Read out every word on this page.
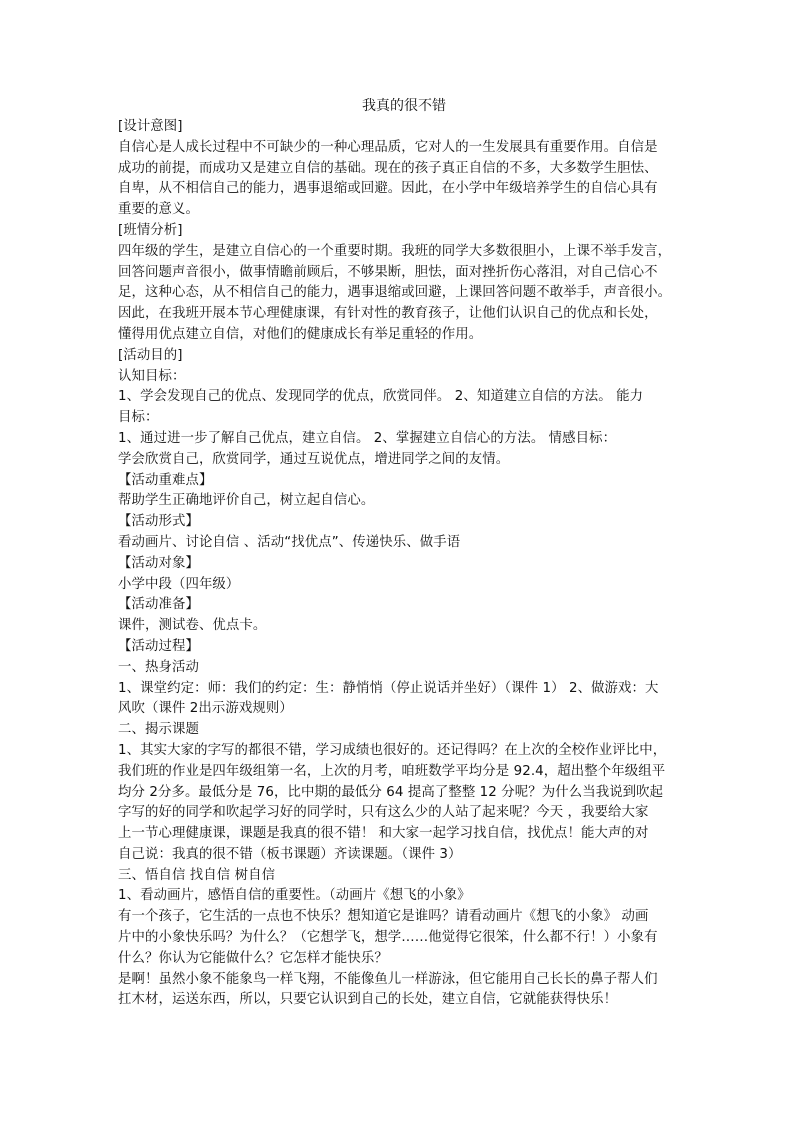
我真的很不错
[设计意图]
自信心是人成长过程中不可缺少的一种心理品质，它对人的一生发展具有重要作用。自信是
成功的前提，而成功又是建立自信的基础。现在的孩子真正自信的不多，大多数学生胆怯、
自卑，从不相信自己的能力，遇事退缩或回避。因此，在小学中年级培养学生的自信心具有
重要的意义。
[班情分析]
四年级的学生，是建立自信心的一个重要时期。我班的同学大多数很胆小，上课不举手发言，
回答问题声音很小，做事情瞻前顾后，不够果断，胆怯，面对挫折伤心落泪，对自己信心不
足，这种心态，从不相信自己的能力，遇事退缩或回避，上课回答问题不敢举手，声音很小。
因此，在我班开展本节心理健康课，有针对性的教育孩子，让他们认识自己的优点和长处，
懂得用优点建立自信，对他们的健康成长有举足重轻的作用。
[活动目的]
认知目标：
1、学会发现自己的优点、发现同学的优点，欣赏同伴。 2、知道建立自信的方法。 能力
目标：
1、通过进一步了解自己优点，建立自信。 2、掌握建立自信心的方法。 情感目标：
学会欣赏自己，欣赏同学，通过互说优点，增进同学之间的友情。
【活动重难点】
帮助学生正确地评价自己，树立起自信心。
【活动形式】
看动画片、讨论自信 、活动“找优点”、传递快乐、做手语
【活动对象】
小学中段（四年级）
【活动准备】
课件，测试卷、优点卡。
【活动过程】
一、热身活动
1、课堂约定：师：我们的约定：生：静悄悄（停止说话并坐好）（课件 1） 2、做游戏：大
风吹（课件 2出示游戏规则）
二、揭示课题
1、其实大家的字写的都很不错，学习成绩也很好的。还记得吗？在上次的全校作业评比中，
我们班的作业是四年级组第一名，上次的月考，咱班数学平均分是 92.4，超出整个年级组平
均分 2分多。最低分是 76，比中期的最低分 64 提高了整整 12 分呢？为什么当我说到吹起
字写的好的同学和吹起学习好的同学时，只有这么少的人站了起来呢？今天 ，我要给大家
上一节心理健康课，课题是我真的很不错！ 和大家一起学习找自信，找优点！能大声的对
自己说：我真的很不错（板书课题）齐读课题。（课件 3）
三、悟自信 找自信 树自信
1、看动画片，感悟自信的重要性。（动画片《想飞的小象》
有一个孩子，它生活的一点也不快乐？想知道它是谁吗？请看动画片《想飞的小象》 动画
片中的小象快乐吗？为什么？（它想学飞，想学……他觉得它很笨，什么都不行！）小象有
什么？你认为它能做什么？它怎样才能快乐？
是啊！虽然小象不能象鸟一样飞翔，不能像鱼儿一样游泳，但它能用自己长长的鼻子帮人们
扛木材，运送东西，所以，只要它认识到自己的长处，建立自信，它就能获得快乐！
